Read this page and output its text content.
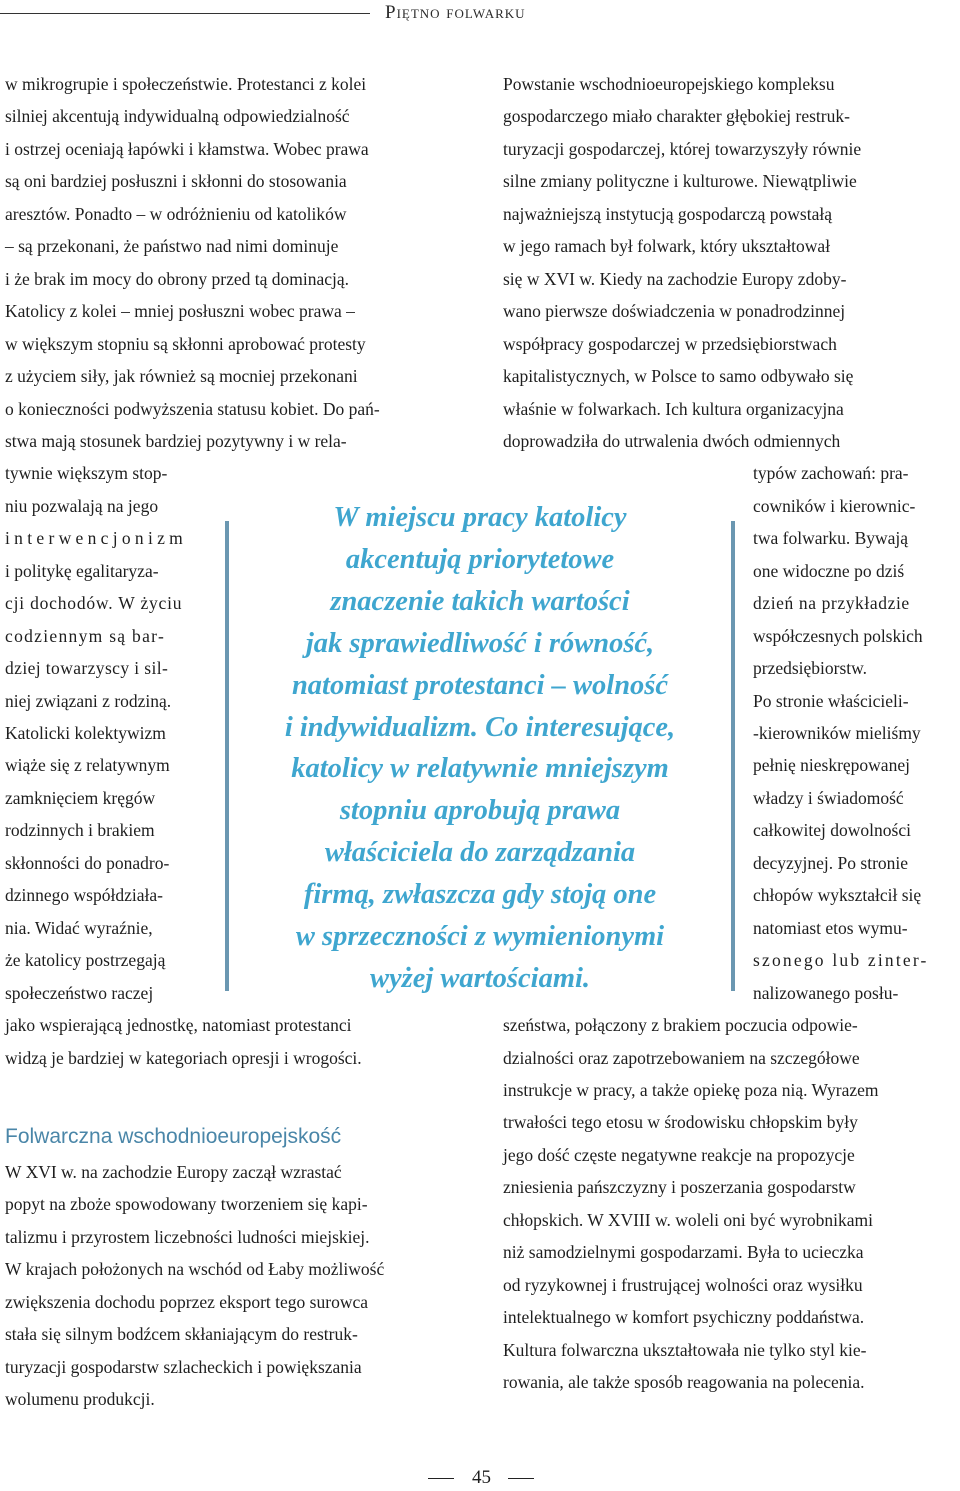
Piętno folwarku
w mikrogrupie i społeczeństwie. Protestanci z kolei
silniej akcentują indywidualną odpowiedzialność
i ostrzej oceniają łapówki i kłamstwa. Wobec prawa
są oni bardziej posłuszni i skłonni do stosowania
aresztów. Ponadto – w odróżnieniu od katolików
– są przekonani, że państwo nad nimi dominuje
i że brak im mocy do obrony przed tą dominacją.
Katolicy z kolei – mniej posłuszni wobec prawa –
w większym stopniu są skłonni aprobować protesty
z użyciem siły, jak również są mocniej przekonani
o konieczności podwyższenia statusu kobiet. Do pań-
stwa mają stosunek bardziej pozytywny i w rela-
tywnie większym stop-
niu pozwalają na jego
interwencjonizm
i politykę egalitaryza-
cji dochodów. W życiu
codziennym są bar-
dziej towarzyscy i sil-
niej związani z rodziną.
Katolicki kolektywizm
wiąże się z relatywnym
zamknięciem kręgów
rodzinnych i brakiem
skłonności do ponadro-
dzinnego współdziała-
nia. Widać wyraźnie,
że katolicy postrzegają
społeczeństwo raczej
jako wspierającą jednostkę, natomiast protestanci
widzą je bardziej w kategoriach opresji i wrogości.
Folwarczna wschodnioeuropejskość
W XVI w. na zachodzie Europy zaczął wzrastać
popyt na zboże spowodowany tworzeniem się kapi-
talizmu i przyrostem liczebności ludności miejskiej.
W krajach położonych na wschód od Łaby możliwość
zwiększenia dochodu poprzez eksport tego surowca
stała się silnym bodźcem skłaniającym do restruk-
turyzacji gospodarstw szlacheckich i powiększania
wolumenu produkcji.
Powstanie wschodnioeuropejskiego kompleksu
gospodarczego miało charakter głębokiej restruk-
turyzacji gospodarczej, której towarzyszyły równie
silne zmiany polityczne i kulturowe. Niewątpliwie
najważniejszą instytucją gospodarczą powstałą
w jego ramach był folwark, który ukształtował
się w XVI w. Kiedy na zachodzie Europy zdoby-
wano pierwsze doświadczenia w ponadrodzinnej
współpracy gospodarczej w przedsiębiorstwach
kapitalistycznych, w Polsce to samo odbywało się
właśnie w folwarkach. Ich kultura organizacyjna
doprowadziła do utrwalenia dwóch odmiennych
typów zachowań: pra-
cowników i kierownic-
twa folwarku. Bywają
one widoczne po dziś
dzień na przykładzie
współczesnych polskich
przedsiębiorstw.
Po stronie właścicieli-
-kierowników mieliśmy
pełnię nieskrępowanej
władzy i świadomość
całkowitej dowolności
decyzyjnej. Po stronie
chłopów wykształcił się
natomiast etos wymu-
szonego lub zinter-
nalizowanego posłu-
szeństwa, połączony z brakiem poczucia odpowie-
dzialności oraz zapotrzebowaniem na szczegółowe
instrukcje w pracy, a także opiekę poza nią. Wyrazem
trwałości tego etosu w środowisku chłopskim były
jego dość częste negatywne reakcje na propozycje
zniesienia pańszczyzny i poszerzania gospodarstw
chłopskich. W XVIII w. woleli oni być wyrobnikami
niż samodzielnymi gospodarzami. Była to ucieczka
od ryzykownej i frustrującej wolności oraz wysiłku
intelektualnego w komfort psychiczny poddaństwa.
Kultura folwarczna ukształtowała nie tylko styl kie-
rowania, ale także sposób reagowania na polecenia.
W miejscu pracy katolicy
akcentują priorytetowe
znaczenie takich wartości
jak sprawiedliwość i równość,
natomiast protestanci – wolność
i indywidualizm. Co interesujące,
katolicy w relatywnie mniejszym
stopniu aprobują prawa
właściciela do zarządzania
firmą, zwłaszcza gdy stoją one
w sprzeczności z wymienionymi
wyżej wartościami.
45
